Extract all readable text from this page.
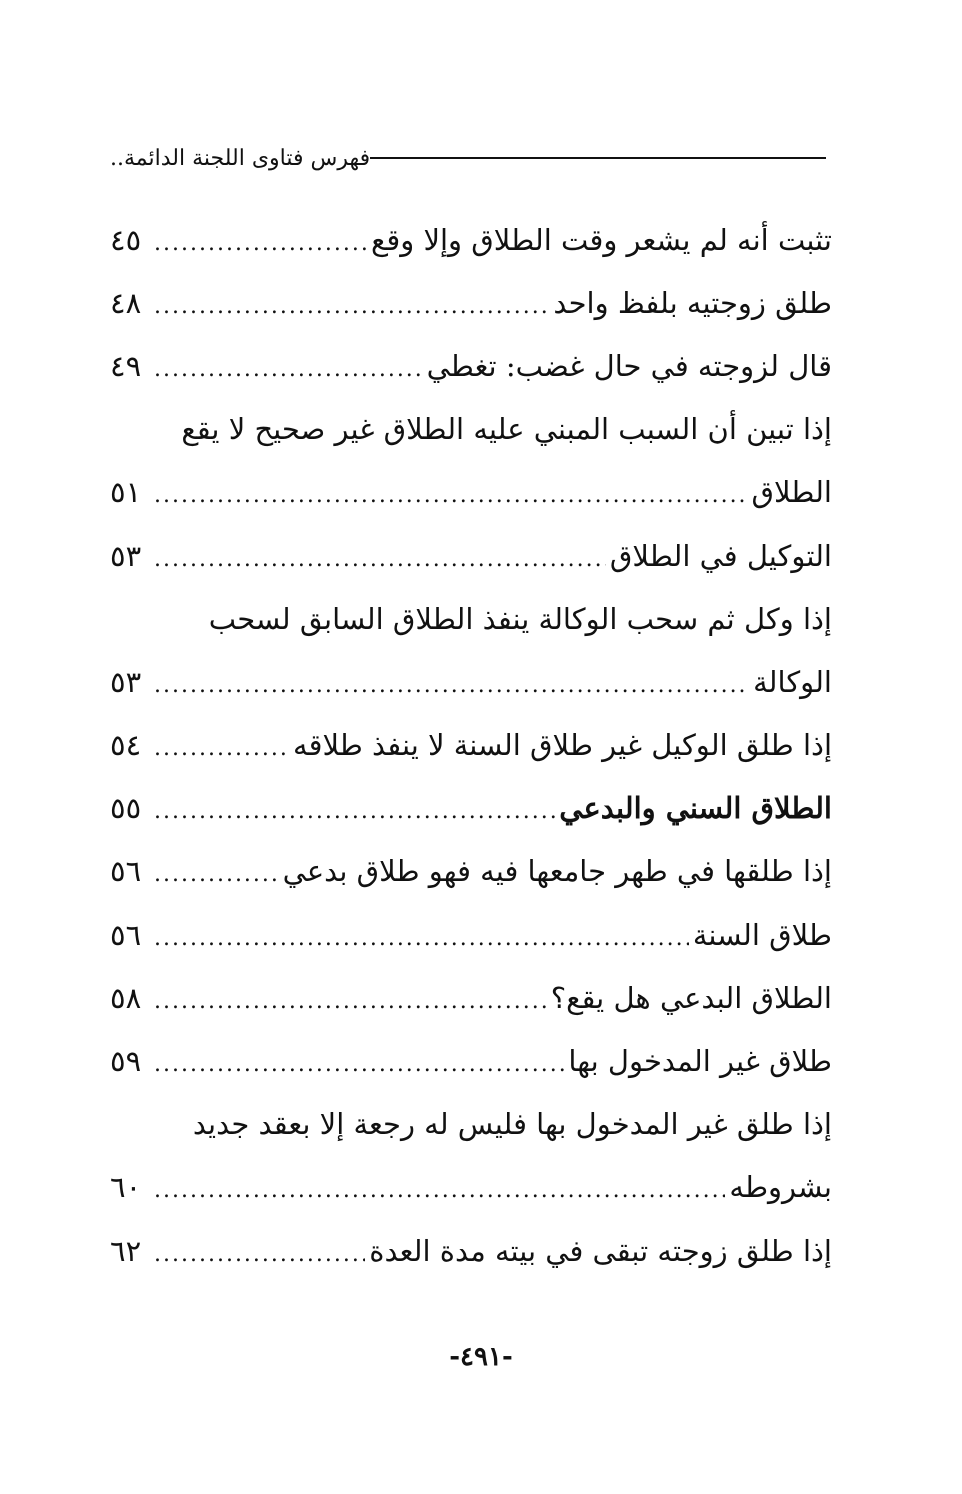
فهرس فتاوى اللجنة الدائمة..
تثبت أنه لم يشعر وقت الطلاق وإلا وقع
.....
٤٥
طلق زوجتيه بلفظ واحد
.....
٤٨
قال لزوجته في حال غضب: تغطي
.....
٤٩
إذا تبين أن السبب المبني عليه الطلاق غير صحيح لا يقع
الطلاق
.....
٥١
التوكيل في الطلاق
.....
٥٣
إذا وكل ثم سحب الوكالة ينفذ الطلاق السابق لسحب
الوكالة
.....
٥٣
إذا طلق الوكيل غير طلاق السنة لا ينفذ طلاقه
.....
٥٤
الطلاق السني والبدعي
.....
٥٥
إذا طلقها في طهر جامعها فيه فهو طلاق بدعي
.....
٥٦
طلاق السنة
.....
٥٦
الطلاق البدعي هل يقع؟
.....
٥٨
طلاق غير المدخول بها
.....
٥٩
إذا طلق غير المدخول بها فليس له رجعة إلا بعقد جديد
بشروطه
.....
٦٠
إذا طلق زوجته تبقى في بيته مدة العدة
.....
٦٢
-٤٩١-
